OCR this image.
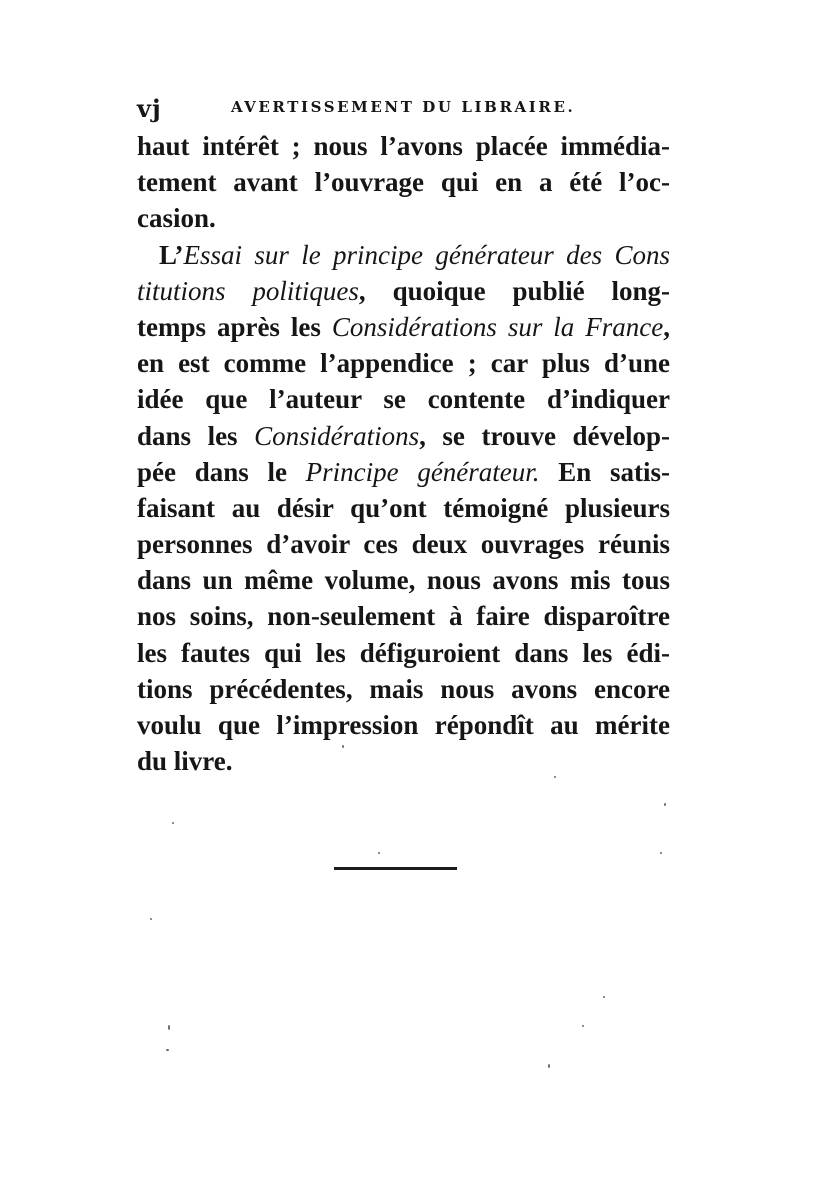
vj	AVERTISSEMENT DU LIBRAIRE.
haut intérêt ; nous l’avons placée immédia-
tement avant l’ouvrage qui en a été l’oc-
casion.
L’Essai sur le principe générateur des Cons
titutions politiques, quoique publié long-
temps après les Considérations sur la France,
en est comme l’appendice ; car plus d’une
idée que l’auteur se contente d’indiquer
dans les Considérations, se trouve dévelop-
pée dans le Principe générateur. En satis-
faisant au désir qu’ont témoigné plusieurs
personnes d’avoir ces deux ouvrages réunis
dans un même volume, nous avons mis tous
nos soins, non-seulement à faire disparoître
les fautes qui les défiguroient dans les édi-
tions précédentes, mais nous avons encore
voulu que l’impression répondît au mérite
du livre.
